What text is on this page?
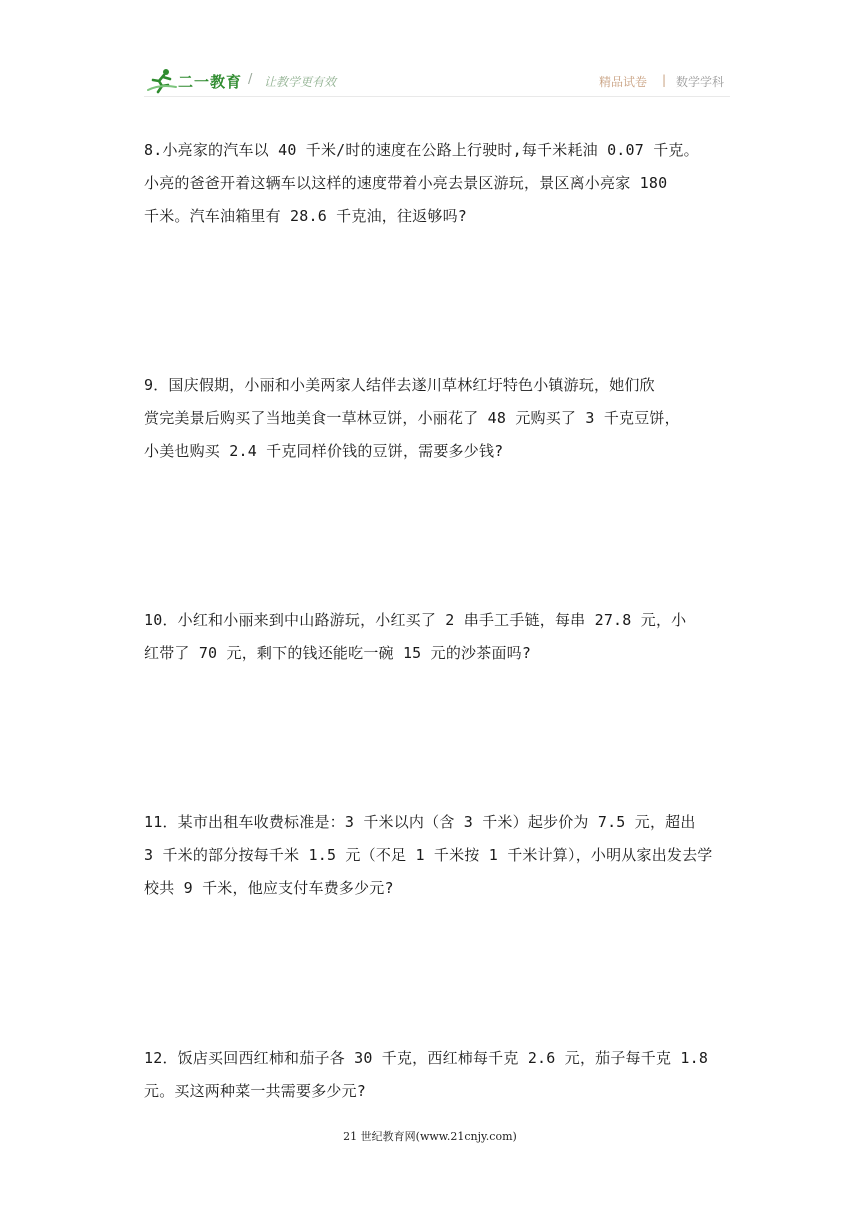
二一教育 / 让教学更有效	精品试卷 | 数学学科
8.小亮家的汽车以 40 千米/时的速度在公路上行驶时,每千米耗油 0.07 千克。
小亮的爸爸开着这辆车以这样的速度带着小亮去景区游玩，景区离小亮家 180
千米。汽车油箱里有 28.6 千克油，往返够吗?
9．国庆假期，小丽和小美两家人结伴去遂川草林红圩特色小镇游玩，她们欣
赏完美景后购买了当地美食一草林豆饼，小丽花了 48 元购买了 3 千克豆饼，
小美也购买 2.4 千克同样价钱的豆饼，需要多少钱?
10．小红和小丽来到中山路游玩，小红买了 2 串手工手链，每串 27.8 元，小
红带了 70 元，剩下的钱还能吃一碗 15 元的沙茶面吗?
11．某市出租车收费标准是：3 千米以内（含 3 千米）起步价为 7.5 元，超出
3 千米的部分按每千米 1.5 元（不足 1 千米按 1 千米计算），小明从家出发去学
校共 9 千米，他应支付车费多少元?
12．饭店买回西红柿和茄子各 30 千克，西红柿每千克 2.6 元，茄子每千克 1.8
元。买这两种菜一共需要多少元?
21 世纪教育网(www.21cnjy.com)
